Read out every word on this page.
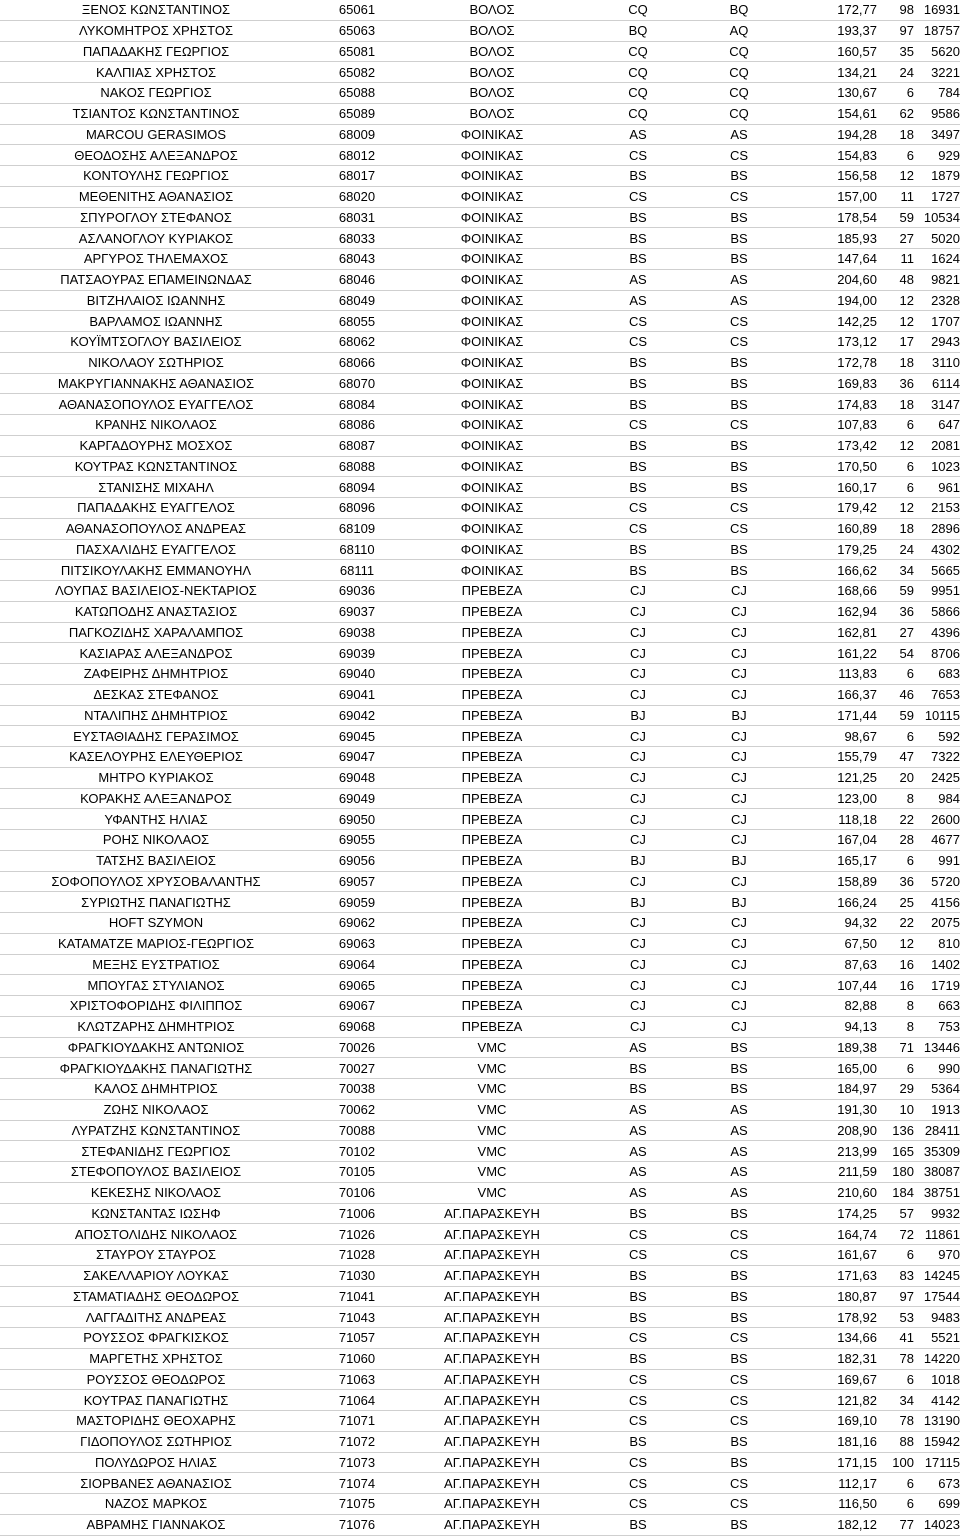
ΞΕΝΟΣ ΚΩΝΣΤΑΝΤΙΝΟΣ	65061	ΒΟΛΟΣ	CQ	BQ	172,77	98	16931
ΛΥΚΟΜΗΤΡΟΣ ΧΡΗΣΤΟΣ	65063	ΒΟΛΟΣ	BQ	AQ	193,37	97	18757
ΠΑΠΑΔΑΚΗΣ ΓΕΩΡΓΙΟΣ	65081	ΒΟΛΟΣ	CQ	CQ	160,57	35	5620
ΚΑΛΠΙΑΣ ΧΡΗΣΤΟΣ	65082	ΒΟΛΟΣ	CQ	CQ	134,21	24	3221
ΝΑΚΟΣ ΓΕΩΡΓΙΟΣ	65088	ΒΟΛΟΣ	CQ	CQ	130,67	6	784
ΤΣΙΑΝΤΟΣ ΚΩΝΣΤΑΝΤΙΝΟΣ	65089	ΒΟΛΟΣ	CQ	CQ	154,61	62	9586
MARCOU GERASIMOS	68009	ΦΟΙΝΙΚΑΣ	AS	AS	194,28	18	3497
ΘΕΟΔΟΣΗΣ ΑΛΕΞΑΝΔΡΟΣ	68012	ΦΟΙΝΙΚΑΣ	CS	CS	154,83	6	929
ΚΟΝΤΟΥΛΗΣ ΓΕΩΡΓΙΟΣ	68017	ΦΟΙΝΙΚΑΣ	BS	BS	156,58	12	1879
ΜΕΘΕΝΙΤΗΣ ΑΘΑΝΑΣΙΟΣ	68020	ΦΟΙΝΙΚΑΣ	CS	CS	157,00	11	1727
ΣΠΥΡΟΓΛΟΥ ΣΤΕΦΑΝΟΣ	68031	ΦΟΙΝΙΚΑΣ	BS	BS	178,54	59	10534
ΑΣΛΑΝΟΓΛΟΥ ΚΥΡΙΑΚΟΣ	68033	ΦΟΙΝΙΚΑΣ	BS	BS	185,93	27	5020
ΑΡΓΥΡΟΣ ΤΗΛΕΜΑΧΟΣ	68043	ΦΟΙΝΙΚΑΣ	BS	BS	147,64	11	1624
ΠΑΤΣΑΟΥΡΑΣ ΕΠΑΜΕΙΝΩΝΔΑΣ	68046	ΦΟΙΝΙΚΑΣ	AS	AS	204,60	48	9821
ΒΙΤΖΗΛΑΙΟΣ ΙΩΑΝΝΗΣ	68049	ΦΟΙΝΙΚΑΣ	AS	AS	194,00	12	2328
ΒΑΡΛΑΜΟΣ ΙΩΑΝΝΗΣ	68055	ΦΟΙΝΙΚΑΣ	CS	CS	142,25	12	1707
ΚΟΥΪΜΤΣΟΓΛΟΥ ΒΑΣΙΛΕΙΟΣ	68062	ΦΟΙΝΙΚΑΣ	CS	CS	173,12	17	2943
ΝΙΚΟΛΑΟΥ ΣΩΤΗΡΙΟΣ	68066	ΦΟΙΝΙΚΑΣ	BS	BS	172,78	18	3110
ΜΑΚΡΥΓΙΑΝΝΑΚΗΣ ΑΘΑΝΑΣΙΟΣ	68070	ΦΟΙΝΙΚΑΣ	BS	BS	169,83	36	6114
ΑΘΑΝΑΣΟΠΟΥΛΟΣ ΕΥΑΓΓΕΛΟΣ	68084	ΦΟΙΝΙΚΑΣ	BS	BS	174,83	18	3147
ΚΡΑΝΗΣ ΝΙΚΟΛΑΟΣ	68086	ΦΟΙΝΙΚΑΣ	CS	CS	107,83	6	647
ΚΑΡΓΑΔΟΥΡΗΣ ΜΟΣΧΟΣ	68087	ΦΟΙΝΙΚΑΣ	BS	BS	173,42	12	2081
ΚΟΥΤΡΑΣ ΚΩΝΣΤΑΝΤΙΝΟΣ	68088	ΦΟΙΝΙΚΑΣ	BS	BS	170,50	6	1023
ΣΤΑΝΙΣΗΣ ΜΙΧΑΗΛ	68094	ΦΟΙΝΙΚΑΣ	BS	BS	160,17	6	961
ΠΑΠΑΔΑΚΗΣ ΕΥΑΓΓΕΛΟΣ	68096	ΦΟΙΝΙΚΑΣ	CS	CS	179,42	12	2153
ΑΘΑΝΑΣΟΠΟΥΛΟΣ ΑΝΔΡΕΑΣ	68109	ΦΟΙΝΙΚΑΣ	CS	CS	160,89	18	2896
ΠΑΣΧΑΛΙΔΗΣ ΕΥΑΓΓΕΛΟΣ	68110	ΦΟΙΝΙΚΑΣ	BS	BS	179,25	24	4302
ΠΙΤΣΙΚΟΥΛΑΚΗΣ ΕΜΜΑΝΟΥΗΛ	68111	ΦΟΙΝΙΚΑΣ	BS	BS	166,62	34	5665
ΛΟΥΠΑΣ ΒΑΣΙΛΕΙΟΣ-ΝΕΚΤΑΡΙΟΣ	69036	ΠΡΕΒΕΖΑ	CJ	CJ	168,66	59	9951
ΚΑΤΩΠΟΔΗΣ ΑΝΑΣΤΑΣΙΟΣ	69037	ΠΡΕΒΕΖΑ	CJ	CJ	162,94	36	5866
ΠΑΓΚΟΖΙΔΗΣ ΧΑΡΑΛΑΜΠΟΣ	69038	ΠΡΕΒΕΖΑ	CJ	CJ	162,81	27	4396
ΚΑΣΙΑΡΑΣ ΑΛΕΞΑΝΔΡΟΣ	69039	ΠΡΕΒΕΖΑ	CJ	CJ	161,22	54	8706
ΖΑΦΕΙΡΗΣ ΔΗΜΗΤΡΙΟΣ	69040	ΠΡΕΒΕΖΑ	CJ	CJ	113,83	6	683
ΔΕΣΚΑΣ ΣΤΕΦΑΝΟΣ	69041	ΠΡΕΒΕΖΑ	CJ	CJ	166,37	46	7653
ΝΤΑΛΙΠΗΣ ΔΗΜΗΤΡΙΟΣ	69042	ΠΡΕΒΕΖΑ	BJ	BJ	171,44	59	10115
ΕΥΣΤΑΘΙΑΔΗΣ ΓΕΡΑΣΙΜΟΣ	69045	ΠΡΕΒΕΖΑ	CJ	CJ	98,67	6	592
ΚΑΣΕΛΟΥΡΗΣ ΕΛΕΥΘΕΡΙΟΣ	69047	ΠΡΕΒΕΖΑ	CJ	CJ	155,79	47	7322
ΜΗΤΡΟ ΚΥΡΙΑΚΟΣ	69048	ΠΡΕΒΕΖΑ	CJ	CJ	121,25	20	2425
ΚΟΡΑΚΗΣ ΑΛΕΞΑΝΔΡΟΣ	69049	ΠΡΕΒΕΖΑ	CJ	CJ	123,00	8	984
ΥΦΑΝΤΗΣ ΗΛΙΑΣ	69050	ΠΡΕΒΕΖΑ	CJ	CJ	118,18	22	2600
ΡΟΗΣ ΝΙΚΟΛΑΟΣ	69055	ΠΡΕΒΕΖΑ	CJ	CJ	167,04	28	4677
ΤΑΤΣΗΣ ΒΑΣΙΛΕΙΟΣ	69056	ΠΡΕΒΕΖΑ	BJ	BJ	165,17	6	991
ΣΟΦΟΠΟΥΛΟΣ ΧΡΥΣΟΒΑΛΑΝΤΗΣ	69057	ΠΡΕΒΕΖΑ	CJ	CJ	158,89	36	5720
ΣΥΡΙΩΤΗΣ ΠΑΝΑΓΙΩΤΗΣ	69059	ΠΡΕΒΕΖΑ	BJ	BJ	166,24	25	4156
HOFT SZYMON	69062	ΠΡΕΒΕΖΑ	CJ	CJ	94,32	22	2075
ΚΑΤΑΜΑΤΖΕ ΜΑΡΙΟΣ-ΓΕΩΡΓΙΟΣ	69063	ΠΡΕΒΕΖΑ	CJ	CJ	67,50	12	810
ΜΕΞΗΣ ΕΥΣΤΡΑΤΙΟΣ	69064	ΠΡΕΒΕΖΑ	CJ	CJ	87,63	16	1402
ΜΠΟΥΓΑΣ ΣΤΥΛΙΑΝΟΣ	69065	ΠΡΕΒΕΖΑ	CJ	CJ	107,44	16	1719
ΧΡΙΣΤΟΦΟΡΙΔΗΣ ΦΙΛΙΠΠΟΣ	69067	ΠΡΕΒΕΖΑ	CJ	CJ	82,88	8	663
ΚΛΩΤΖΑΡΗΣ ΔΗΜΗΤΡΙΟΣ	69068	ΠΡΕΒΕΖΑ	CJ	CJ	94,13	8	753
ΦΡΑΓΚΙΟΥΔΑΚΗΣ ΑΝΤΩΝΙΟΣ	70026	VMC	AS	BS	189,38	71	13446
ΦΡΑΓΚΙΟΥΔΑΚΗΣ ΠΑΝΑΓΙΩΤΗΣ	70027	VMC	BS	BS	165,00	6	990
ΚΑΛΟΣ ΔΗΜΗΤΡΙΟΣ	70038	VMC	BS	BS	184,97	29	5364
ΖΩΗΣ ΝΙΚΟΛΑΟΣ	70062	VMC	AS	AS	191,30	10	1913
ΛΥΡΑΤΖΗΣ ΚΩΝΣΤΑΝΤΙΝΟΣ	70088	VMC	AS	AS	208,90	136	28411
ΣΤΕΦΑΝΙΔΗΣ ΓΕΩΡΓΙΟΣ	70102	VMC	AS	AS	213,99	165	35309
ΣΤΕΦΟΠΟΥΛΟΣ ΒΑΣΙΛΕΙΟΣ	70105	VMC	AS	AS	211,59	180	38087
ΚΕΚΕΣΗΣ ΝΙΚΟΛΑΟΣ	70106	VMC	AS	AS	210,60	184	38751
ΚΩΝΣΤΑΝΤΑΣ ΙΩΣΗΦ	71006	ΑΓ.ΠΑΡΑΣΚΕΥΗ	BS	BS	174,25	57	9932
ΑΠΟΣΤΟΛΙΔΗΣ ΝΙΚΟΛΑΟΣ	71026	ΑΓ.ΠΑΡΑΣΚΕΥΗ	CS	CS	164,74	72	11861
ΣΤΑΥΡΟΥ ΣΤΑΥΡΟΣ	71028	ΑΓ.ΠΑΡΑΣΚΕΥΗ	CS	CS	161,67	6	970
ΣΑΚΕΛΛΑΡΙΟΥ ΛΟΥΚΑΣ	71030	ΑΓ.ΠΑΡΑΣΚΕΥΗ	BS	BS	171,63	83	14245
ΣΤΑΜΑΤΙΑΔΗΣ ΘΕΟΔΩΡΟΣ	71041	ΑΓ.ΠΑΡΑΣΚΕΥΗ	BS	BS	180,87	97	17544
ΛΑΓΓΑΔΙΤΗΣ ΑΝΔΡΕΑΣ	71043	ΑΓ.ΠΑΡΑΣΚΕΥΗ	BS	BS	178,92	53	9483
ΡΟΥΣΣΟΣ ΦΡΑΓΚΙΣΚΟΣ	71057	ΑΓ.ΠΑΡΑΣΚΕΥΗ	CS	CS	134,66	41	5521
ΜΑΡΓΕΤΗΣ ΧΡΗΣΤΟΣ	71060	ΑΓ.ΠΑΡΑΣΚΕΥΗ	BS	BS	182,31	78	14220
ΡΟΥΣΣΟΣ ΘΕΟΔΩΡΟΣ	71063	ΑΓ.ΠΑΡΑΣΚΕΥΗ	CS	CS	169,67	6	1018
ΚΟΥΤΡΑΣ ΠΑΝΑΓΙΩΤΗΣ	71064	ΑΓ.ΠΑΡΑΣΚΕΥΗ	CS	CS	121,82	34	4142
ΜΑΣΤΟΡΙΔΗΣ ΘΕΟΧΑΡΗΣ	71071	ΑΓ.ΠΑΡΑΣΚΕΥΗ	CS	CS	169,10	78	13190
ΓΙΔΟΠΟΥΛΟΣ ΣΩΤΗΡΙΟΣ	71072	ΑΓ.ΠΑΡΑΣΚΕΥΗ	BS	BS	181,16	88	15942
ΠΟΛΥΔΩΡΟΣ ΗΛΙΑΣ	71073	ΑΓ.ΠΑΡΑΣΚΕΥΗ	CS	BS	171,15	100	17115
ΣΙΟΡΒΑΝΕΣ ΑΘΑΝΑΣΙΟΣ	71074	ΑΓ.ΠΑΡΑΣΚΕΥΗ	CS	CS	112,17	6	673
ΝΑΖΟΣ ΜΑΡΚΟΣ	71075	ΑΓ.ΠΑΡΑΣΚΕΥΗ	CS	CS	116,50	6	699
ΑΒΡΑΜΗΣ ΓΙΑΝΝΑΚΟΣ	71076	ΑΓ.ΠΑΡΑΣΚΕΥΗ	BS	BS	182,12	77	14023
